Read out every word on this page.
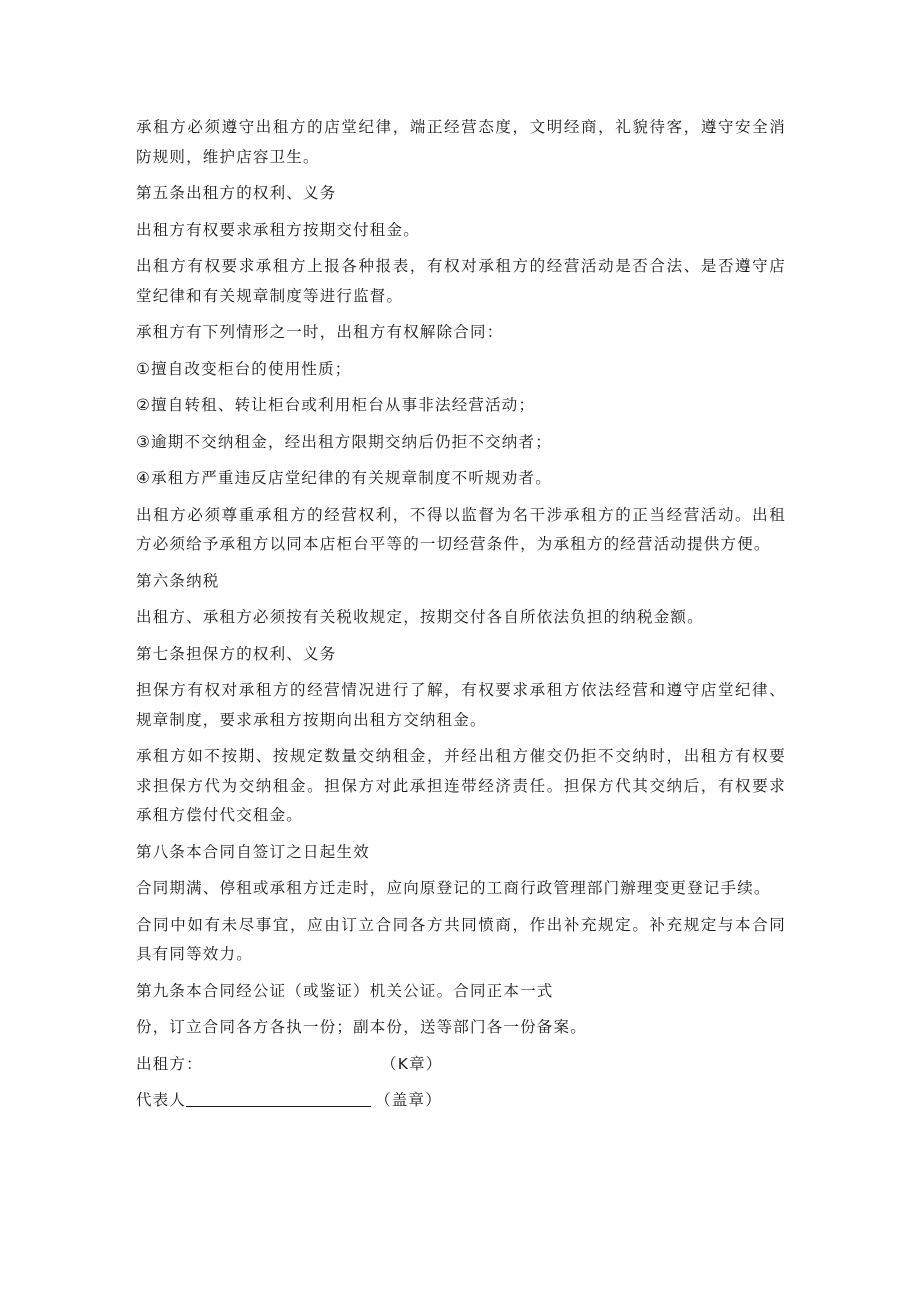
承租方必须遵守出租方的店堂纪律，端正经营态度，文明经商，礼貌待客，遵守安全消防规则，维护店容卫生。

第五条出租方的权利、义务

出租方有权要求承租方按期交付租金。

出租方有权要求承租方上报各种报表，有权对承租方的经营活动是否合法、是否遵守店堂纪律和有关规章制度等进行监督。

承租方有下列情形之一时，出租方有权解除合同：

①擅自改变柜台的使用性质；

②擅自转租、转让柜台或利用柜台从事非法经营活动；

③逾期不交纳租金，经出租方限期交纳后仍拒不交纳者；

④承租方严重违反店堂纪律的有关规章制度不听规劝者。

出租方必须尊重承租方的经营权利，不得以监督为名干涉承租方的正当经营活动。出租方必须给予承租方以同本店柜台平等的一切经营条件，为承租方的经营活动提供方便。

第六条纳税

出租方、承租方必须按有关税收规定，按期交付各自所依法负担的纳税金额。

第七条担保方的权利、义务

担保方有权对承租方的经营情况进行了解，有权要求承租方依法经营和遵守店堂纪律、规章制度，要求承租方按期向出租方交纳租金。

承租方如不按期、按规定数量交纳租金，并经出租方催交仍拒不交纳时，出租方有权要求担保方代为交纳租金。担保方对此承担连带经济责任。担保方代其交纳后，有权要求承租方偿付代交租金。

第八条本合同自签订之日起生效

合同期满、停租或承租方迁走时，应向原登记的工商行政管理部门辦理变更登记手续。

合同中如有未尽事宜，应由订立合同各方共同愤商，作出补充规定。补充规定与本合同具有同等效力。

第九条本合同经公证（或鉴证）机关公证。合同正本一式

份，订立合同各方各执一份；副本份，送等部门各一份备案。

出租方：	（K章）

代表人	（盖章）
